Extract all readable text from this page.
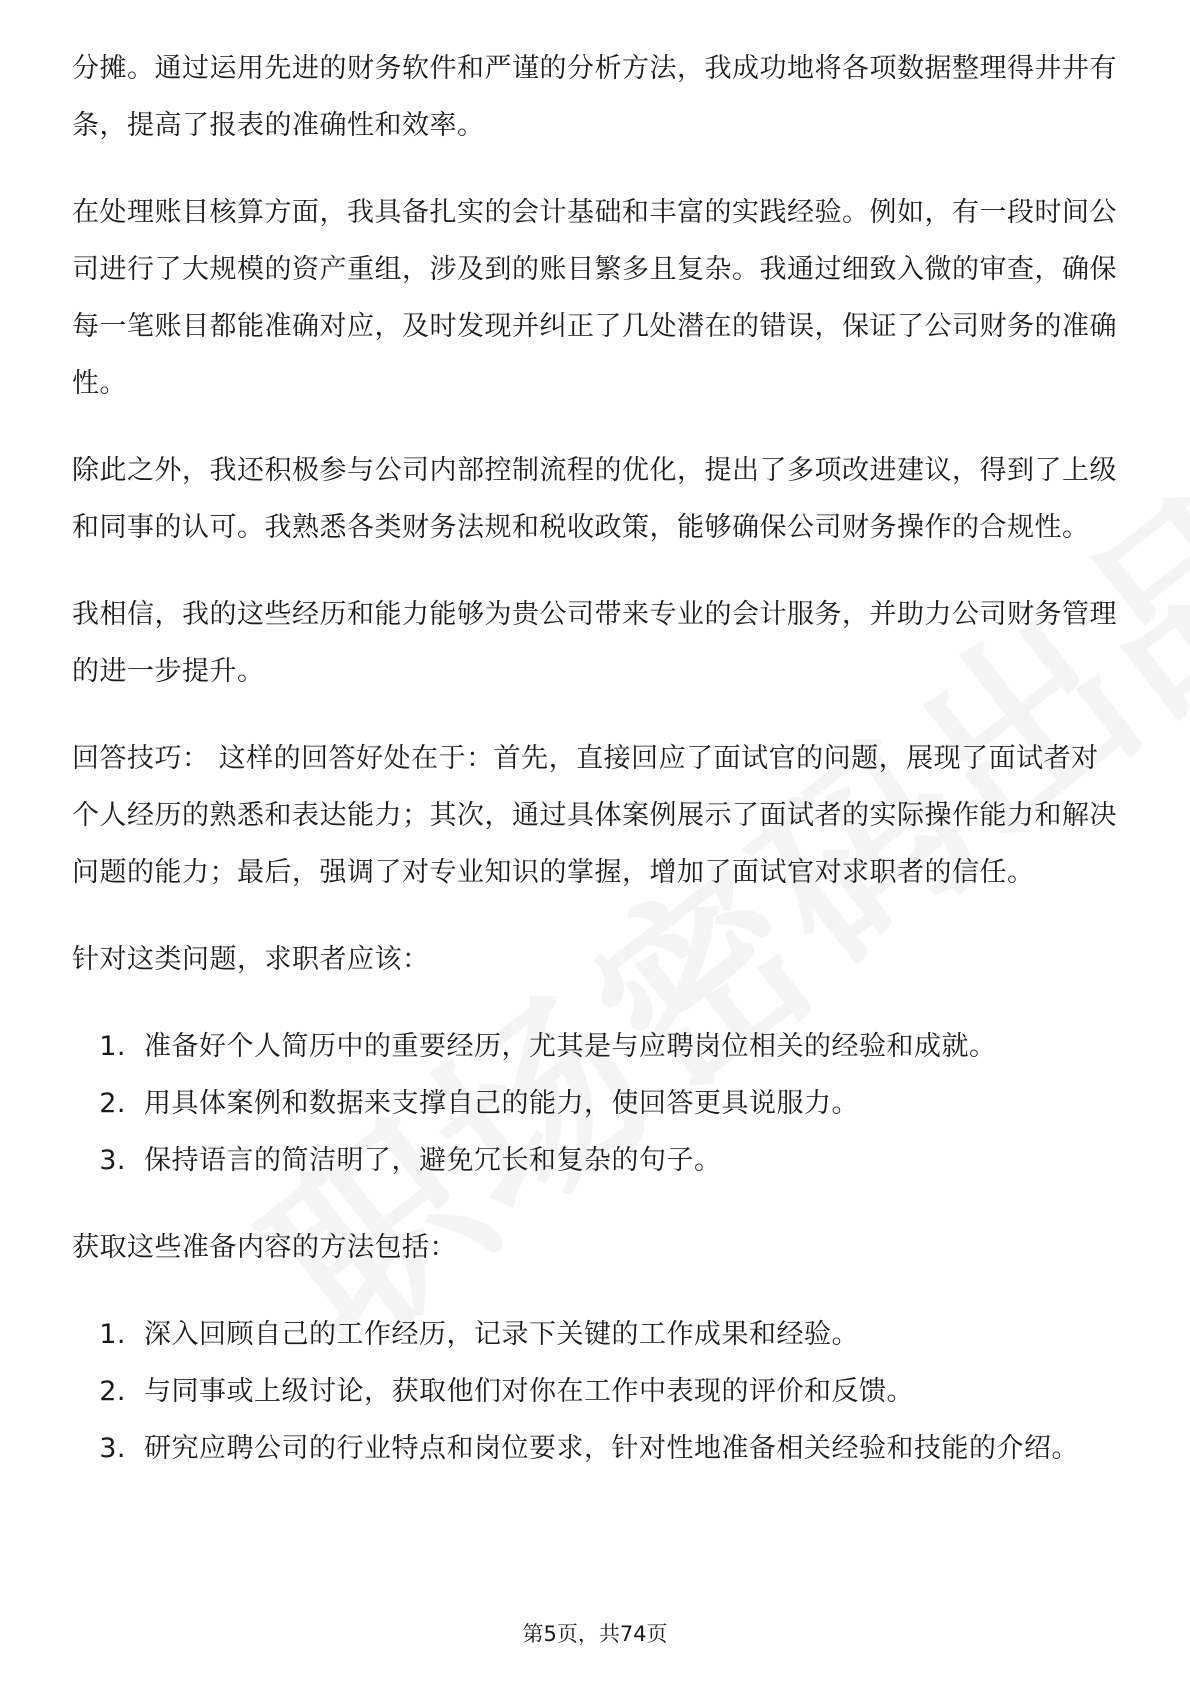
分摊。通过运用先进的财务软件和严谨的分析方法，我成功地将各项数据整理得井井有条，提高了报表的准确性和效率。

在处理账目核算方面，我具备扎实的会计基础和丰富的实践经验。例如，有一段时间公司进行了大规模的资产重组，涉及到的账目繁多且复杂。我通过细致入微的审查，确保每一笔账目都能准确对应，及时发现并纠正了几处潜在的错误，保证了公司财务的准确性。

除此之外，我还积极参与公司内部控制流程的优化，提出了多项改进建议，得到了上级和同事的认可。我熟悉各类财务法规和税收政策，能够确保公司财务操作的合规性。

我相信，我的这些经历和能力能够为贵公司带来专业的会计服务，并助力公司财务管理的进一步提升。

回答技巧： 这样的回答好处在于：首先，直接回应了面试官的问题，展现了面试者对个人经历的熟悉和表达能力；其次，通过具体案例展示了面试者的实际操作能力和解决问题的能力；最后，强调了对专业知识的掌握，增加了面试官对求职者的信任。

针对这类问题，求职者应该：

1. 准备好个人简历中的重要经历，尤其是与应聘岗位相关的经验和成就。
2. 用具体案例和数据来支撑自己的能力，使回答更具说服力。
3. 保持语言的简洁明了，避免冗长和复杂的句子。

获取这些准备内容的方法包括：

1. 深入回顾自己的工作经历，记录下关键的工作成果和经验。
2. 与同事或上级讨论，获取他们对你在工作中表现的评价和反馈。
3. 研究应聘公司的行业特点和岗位要求，针对性地准备相关经验和技能的介绍。
第5页，共74页
